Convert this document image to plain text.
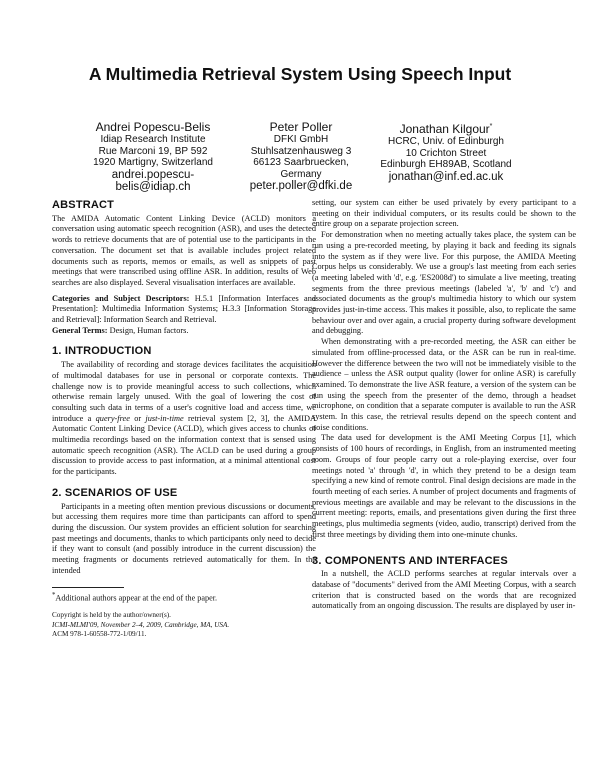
A Multimedia Retrieval System Using Speech Input
Andrei Popescu-Belis
Idiap Research Institute
Rue Marconi 19, BP 592
1920 Martigny, Switzerland
andrei.popescu-
belis@idiap.ch
Peter Poller
DFKI GmbH
Stuhlsatzenhausweg 3
66123 Saarbruecken,
Germany
peter.poller@dfki.de
Jonathan Kilgour*
HCRC, Univ. of Edinburgh
10 Crichton Street
Edinburgh EH89AB, Scotland
jonathan@inf.ed.ac.uk
ABSTRACT

The AMIDA Automatic Content Linking Device (ACLD) monitors a conversation using automatic speech recognition (ASR), and uses the detected words to retrieve documents that are of potential use to the participants in the conversation. The document set that is available includes project related documents such as reports, memos or emails, as well as snippets of past meetings that were transcribed using offline ASR. In addition, results of Web searches are also displayed. Several visualisation interfaces are available.

Categories and Subject Descriptors: H.5.1 [Information Interfaces and Presentation]: Multimedia Information Systems; H.3.3 [Information Storage and Retrieval]: Information Search and Retrieval.

General Terms: Design, Human factors.

1. INTRODUCTION

The availability of recording and storage devices facilitates the acquisition of multimodal databases for use in personal or corporate contexts. The challenge now is to provide meaningful access to such collections, which otherwise remain largely unused. With the goal of lowering the cost of consulting such data in terms of a user's cognitive load and access time, we introduce a query-free or just-in-time retrieval system [2, 3], the AMIDA Automatic Content Linking Device (ACLD), which gives access to chunks of multimedia recordings based on the information context that is sensed using automatic speech recognition (ASR). The ACLD can be used during a group discussion to provide access to past information, at a minimal attentional cost for the participants.

2. SCENARIOS OF USE

Participants in a meeting often mention previous discussions or documents, but accessing them requires more time than participants can afford to spend during the discussion. Our system provides an efficient solution for searching past meetings and documents, thanks to which participants only need to decide if they want to consult (and possibly introduce in the current discussion) the meeting fragments or documents retrieved automatically for them. In the intended

*Additional authors appear at the end of the paper.
Copyright is held by the author/owner(s).
ICMI-MLMI'09, November 2–4, 2009, Cambridge, MA, USA.
ACM 978-1-60558-772-1/09/11.

setting, our system can either be used privately by every participant to a meeting on their individual computers, or its results could be shown to the entire group on a separate projection screen.

For demonstration when no meeting actually takes place, the system can be run using a pre-recorded meeting, by playing it back and feeding its signals into the system as if they were live. For this purpose, the AMIDA Meeting Corpus helps us considerably. We use a group's last meeting from each series (a meeting labeled with 'd', e.g. 'ES2008d') to simulate a live meeting, treating segments from the three previous meetings (labeled 'a', 'b' and 'c') and associated documents as the group's multimedia history to which our system provides just-in-time access. This makes it possible, also, to replicate the same behaviour over and over again, a crucial property during software development and debugging.

When demonstrating with a pre-recorded meeting, the ASR can either be simulated from offline-processed data, or the ASR can be run in real-time. However the difference between the two will not be immediately visible to the audience – unless the ASR output quality (lower for online ASR) is carefully examined. To demonstrate the live ASR feature, a version of the system can be run using the speech from the presenter of the demo, through a headset microphone, on condition that a separate computer is available to run the ASR system. In this case, the retrieval results depend on the speech content and noise conditions.

The data used for development is the AMI Meeting Corpus [1], which consists of 100 hours of recordings, in English, from an instrumented meeting room. Groups of four people carry out a role-playing exercise, over four meetings noted 'a' through 'd', in which they pretend to be a design team specifying a new kind of remote control. Final design decisions are made in the fourth meeting of each series. A number of project documents and fragments of previous meetings are available and may be relevant to the discussions in the current meeting: reports, emails, and presentations given during the first three meetings, plus multimedia segments (video, audio, transcript) derived from the first three meetings by dividing them into one-minute chunks.

3. COMPONENTS AND INTERFACES

In a nutshell, the ACLD performs searches at regular intervals over a database of "documents" derived from the AMI Meeting Corpus, with a search criterion that is constructed based on the words that are recognized automatically from an ongoing discussion. The results are displayed by user in-
